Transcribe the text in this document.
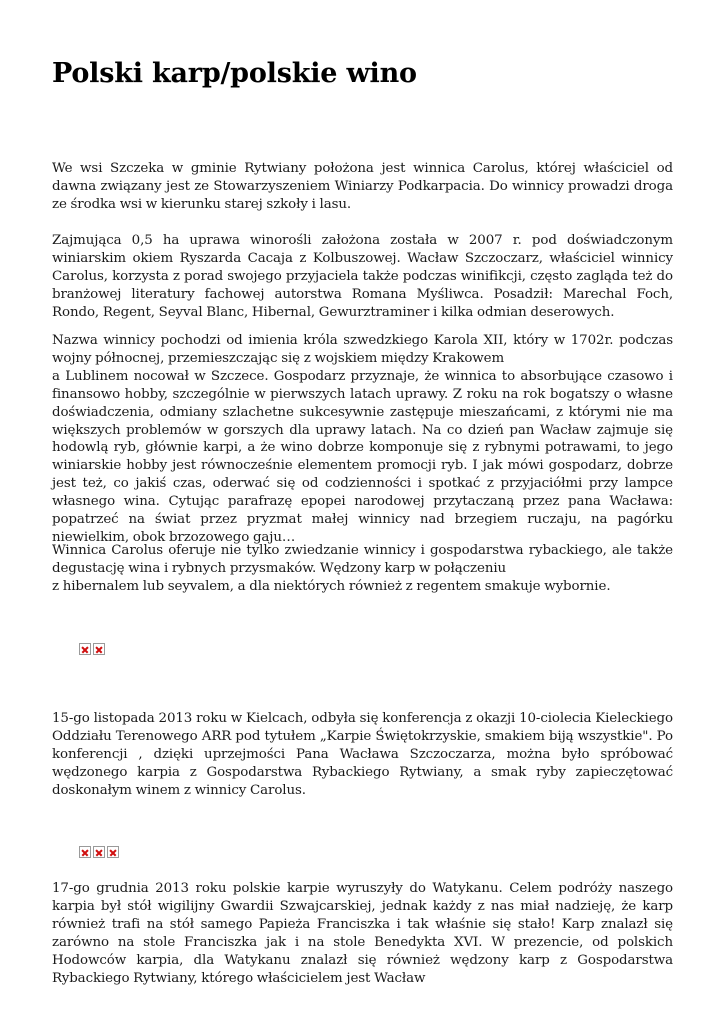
Polski karp/polskie wino

We wsi Szczeka w gminie Rytwiany położona jest winnica Carolus, której właściciel od dawna związany jest ze Stowarzyszeniem Winiarzy Podkarpacia. Do winnicy prowadzi droga ze środka wsi w kierunku starej szkoły i lasu.

Zajmująca 0,5 ha uprawa winorośli założona została w 2007 r. pod doświadczonym winiarskim okiem Ryszarda Cacaja z Kolbuszowej. Wacław Szczoczarz, właściciel winnicy Carolus, korzysta z porad swojego przyjaciela także podczas winifikcji, często zagląda też do branżowej literatury fachowej autorstwa Romana Myśliwca. Posadził: Marechal Foch, Rondo, Regent, Seyval Blanc, Hibernal, Gewurztraminer i kilka odmian deserowych.

Nazwa winnicy pochodzi od imienia króla szwedzkiego Karola XII, który w 1702r. podczas wojny północnej, przemieszczając się z wojskiem między Krakowem

a Lublinem nocował w Szczece. Gospodarz przyznaje, że winnica to absorbujące czasowo i finansowo hobby, szczególnie w pierwszych latach uprawy. Z roku na rok bogatszy o własne doświadczenia, odmiany szlachetne sukcesywnie zastępuje mieszańcami, z którymi nie ma większych problemów w gorszych dla uprawy latach. Na co dzień pan Wacław zajmuje się hodowlą ryb, głównie karpi, a że wino dobrze komponuje się z rybnymi potrawami, to jego winiarskie hobby jest równocześnie elementem promocji ryb. I jak mówi gospodarz, dobrze jest też, co jakiś czas, oderwać się od codzienności i spotkać z przyjaciółmi przy lampce własnego wina. Cytując parafrazę epopei narodowej przytaczaną przez pana Wacława: popatrzeć na świat przez pryzmat małej winnicy nad brzegiem ruczaju, na pagórku niewielkim, obok brzozowego gaju…

Winnica Carolus oferuje nie tylko zwiedzanie winnicy i gospodarstwa rybackiego, ale także degustację wina i rybnych przysmaków. Wędzony karp w połączeniu

z hibernalem lub seyvalem, a dla niektórych również z regentem smakuje wybornie.

15-go listopada 2013 roku w Kielcach, odbyła się konferencja z okazji 10-ciolecia Kieleckiego Oddziału Terenowego ARR pod tytułem „Karpie Świętokrzyskie, smakiem biją wszystkie". Po konferencji , dzięki uprzejmości Pana Wacława Szczoczarza, można było spróbować wędzonego karpia z Gospodarstwa Rybackiego Rytwiany, a smak ryby zapieczętować doskonałym winem z winnicy Carolus.

17-go grudnia 2013 roku polskie karpie wyruszyły do Watykanu. Celem podróży naszego karpia był stół wigilijny Gwardii Szwajcarskiej, jednak każdy z nas miał nadzieję, że karp również trafi na stół samego Papieża Franciszka i tak właśnie się stało! Karp znalazł się zarówno na stole Franciszka jak i na stole Benedykta XVI. W prezencie, od polskich Hodowców karpia, dla Watykanu znalazł się również wędzony karp z Gospodarstwa Rybackiego Rytwiany, którego właścicielem jest Wacław
